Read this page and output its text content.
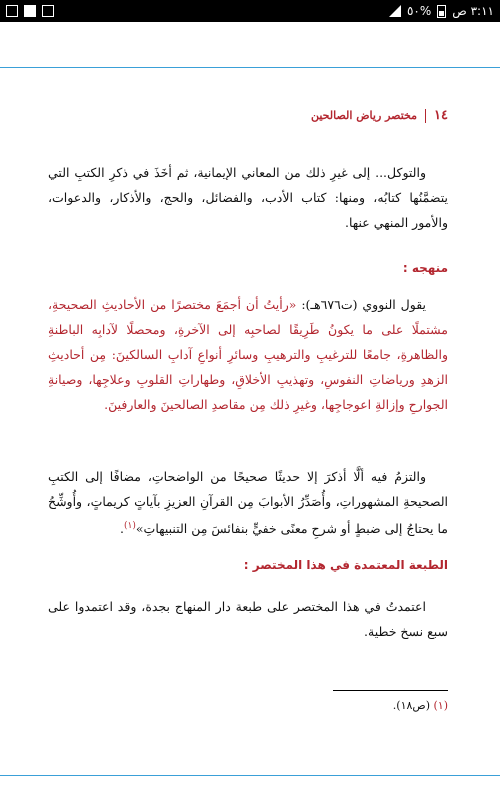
٥٠% ٣:١١ ص
١٤
مختصر رياض الصالحين

والتوكل... إلى غيرِ ذلك من المعاني الإيمانية، ثم أخَذَ في ذكرِ الكتبِ التي يتضمَّنُها كتابُه، ومنها: كتاب الأدب، والفضائل، والحج، والأذكار، والدعوات، والأمور المنهي عنها.

منهجه :

يقول النووي (ت٦٧٦هـ): «رأيتُ أن أجمَعَ مختصرًا من الأحاديثِ الصحيحةِ، مشتملًا على ما يكونُ طَرِيقًا لصاحبِه إلى الآخرةِ، ومحصلًا لآدابِه الباطنةِ والظاهرةِ، جامعًا للترغيبِ والترهيبِ وسائرِ أنواعِ آدابِ السالكينَ: مِن أحاديثِ الزهدِ ورياضاتِ النفوسِ، وتهذيبِ الأخلاقِ، وطهاراتِ القلوبِ وعلاجِها، وصيانةِ الجوارحِ وإزالةِ اعوجاجِها، وغيرِ ذلك مِن مقاصدِ الصالحينَ والعارفينَ.

والتزمُ فيه ألَّا أذكرَ إلا حديثًا صحيحًا من الواضحاتِ، مضافًا إلى الكتبِ الصحيحةِ المشهوراتِ، وأُصَدِّرُ الأبوابَ مِن القرآنِ العزيزِ بآياتٍ كريماتٍ، وأُوشِّحُ ما يحتاجُ إلى ضبطٍ أو شرحِ معنًى خفيٍّ بنفائسَ مِن التنبيهاتِ»$^{(١)}$.

الطبعة المعتمدة في هذا المختصر :

اعتمدتُ في هذا المختصر على طبعة دار المنهاج بجدة، وقد اعتمدوا على سبع نسخ خطية.

(١) (ص١٨).
